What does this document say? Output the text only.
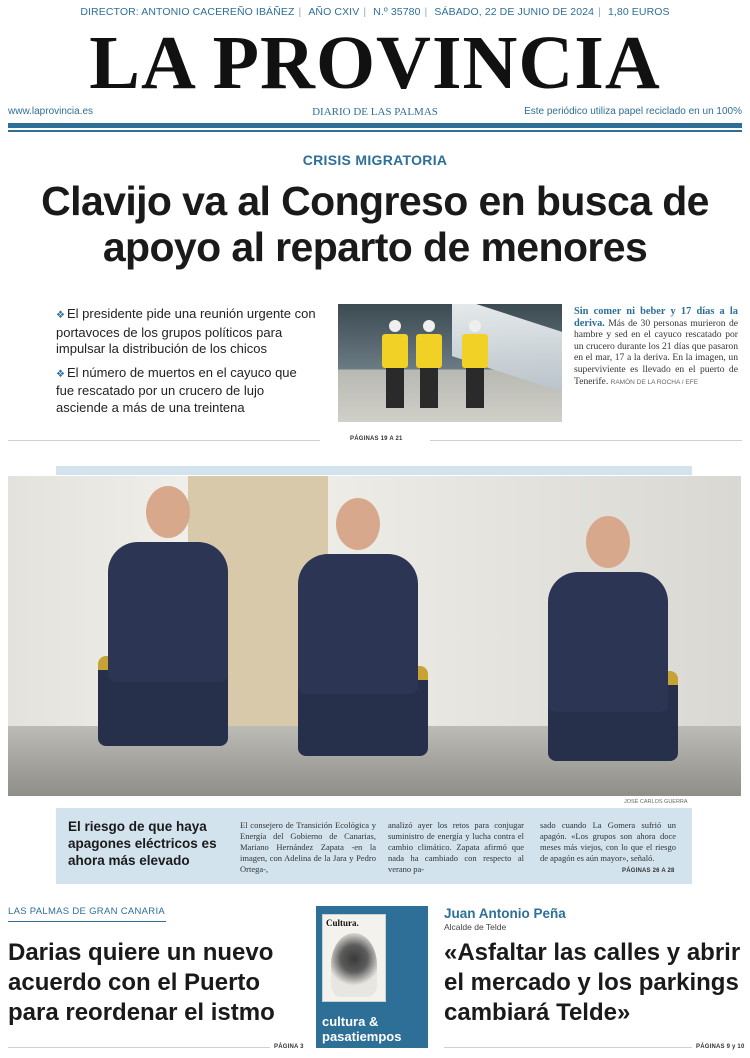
DIRECTOR: ANTONIO CACEREÑO IBÁÑEZ | AÑO CXIV | N.º 35780 | SÁBADO, 22 DE JUNIO DE 2024 | 1,80 EUROS
LA PROVINCIA
www.laprovincia.es	DIARIO DE LAS PALMAS	Este periódico utiliza papel reciclado en un 100%
CRISIS MIGRATORIA
Clavijo va al Congreso en busca de apoyo al reparto de menores

❖ El presidente pide una reunión urgente con portavoces de los grupos políticos para impulsar la distribución de los chicos

❖ El número de muertos en el cayuco que fue rescatado por un crucero de lujo asciende a más de una treintena

Sin comer ni beber y 17 días a la deriva. Más de 30 personas murieron de hambre y sed en el cayuco rescatado por un crucero durante los 21 días que pasaron en el mar, 17 a la deriva. En la imagen, un superviviente es llevado en el puerto de Tenerife. RAMÓN DE LA ROCHA / EFE
PÁGINAS 19 A 21
JOSÉ CARLOS GUERRA
El riesgo de que haya apagones eléctricos es ahora más elevado
El consejero de Transición Ecológica y Energía del Gobierno de Canarias, Mariano Hernández Zapata -en la imagen, con Adelina de la Jara y Pedro Ortega-,
analizó ayer los retos para conjugar suministro de energía y lucha contra el cambio climático. Zapata afirmó que nada ha cambiado con respecto al verano pa-
sado cuando La Gomera sufrió un apagón. «Los grupos son ahora doce meses más viejos, con lo que el riesgo de apagón es aún mayor», señaló.
PÁGINAS 26 A 28
LAS PALMAS DE GRAN CANARIA
Darias quiere un nuevo acuerdo con el Puerto para reordenar el istmo
PÁGINA 3
Cultura.
cultura & pasatiempos
Juan Antonio Peña
Alcalde de Telde
«Asfaltar las calles y abrir el mercado y los parkings cambiará Telde»
PÁGINAS 9 y 10
